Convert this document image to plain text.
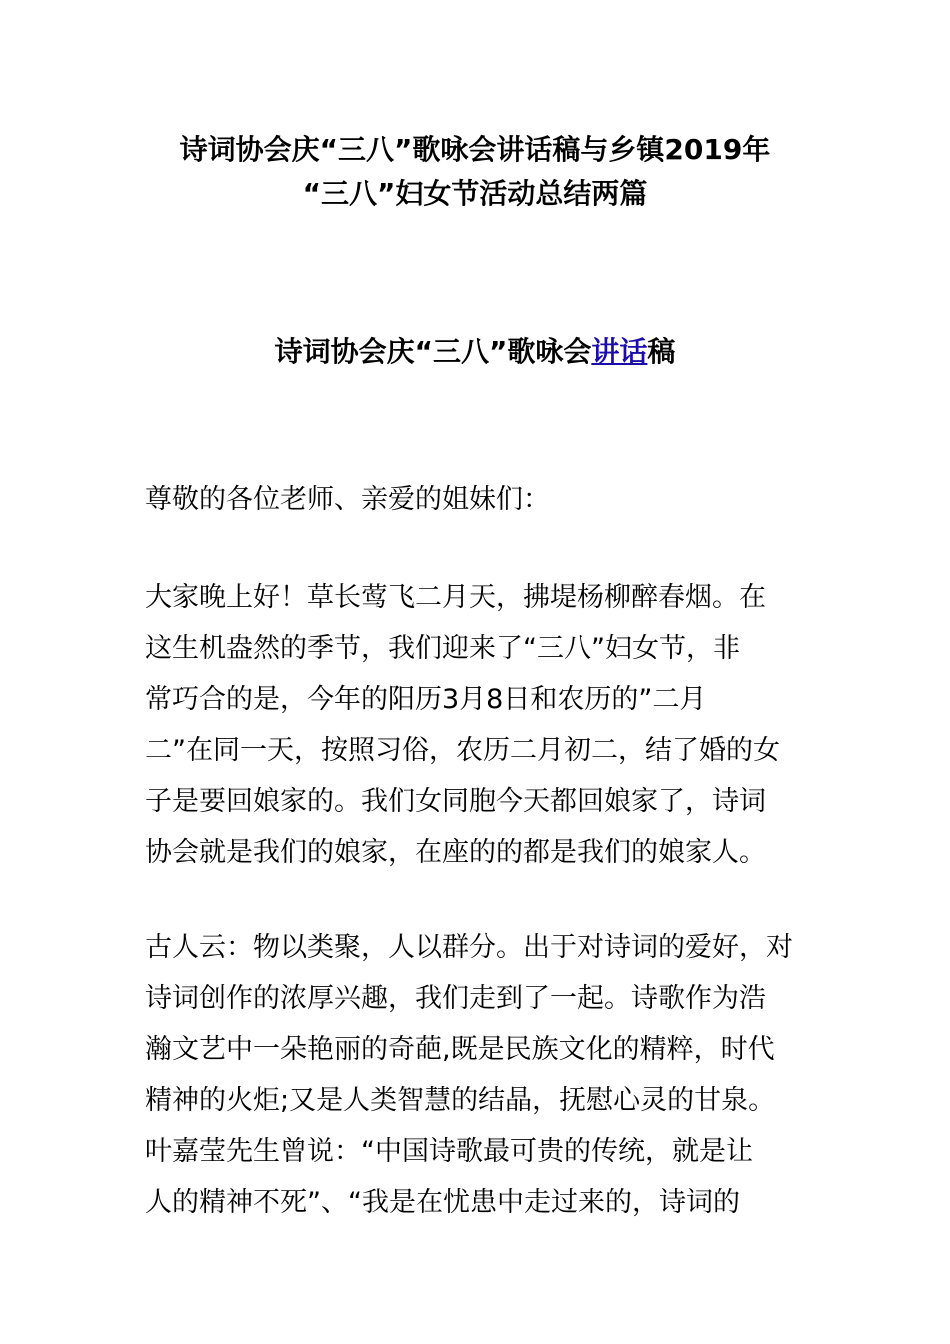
诗词协会庆“三八”歌咏会讲话稿与乡镇2019年
“三八”妇女节活动总结两篇
诗词协会庆“三八”歌咏会讲话稿
尊敬的各位老师、亲爱的姐妹们：
大家晚上好！草长莺飞二月天，拂堤杨柳醉春烟。在
这生机盎然的季节，我们迎来了“三八”妇女节，非
常巧合的是，今年的阳历3月8日和农历的”二月
二”在同一天，按照习俗，农历二月初二，结了婚的女
子是要回娘家的。我们女同胞今天都回娘家了，诗词
协会就是我们的娘家，在座的的都是我们的娘家人。
古人云：物以类聚，人以群分。出于对诗词的爱好，对
诗词创作的浓厚兴趣，我们走到了一起。诗歌作为浩
瀚文艺中一朵艳丽的奇葩,既是民族文化的精粹，时代
精神的火炬;又是人类智慧的结晶，抚慰心灵的甘泉。
叶嘉莹先生曾说：“中国诗歌最可贵的传统，就是让
人的精神不死”、“我是在忧患中走过来的，诗词的
